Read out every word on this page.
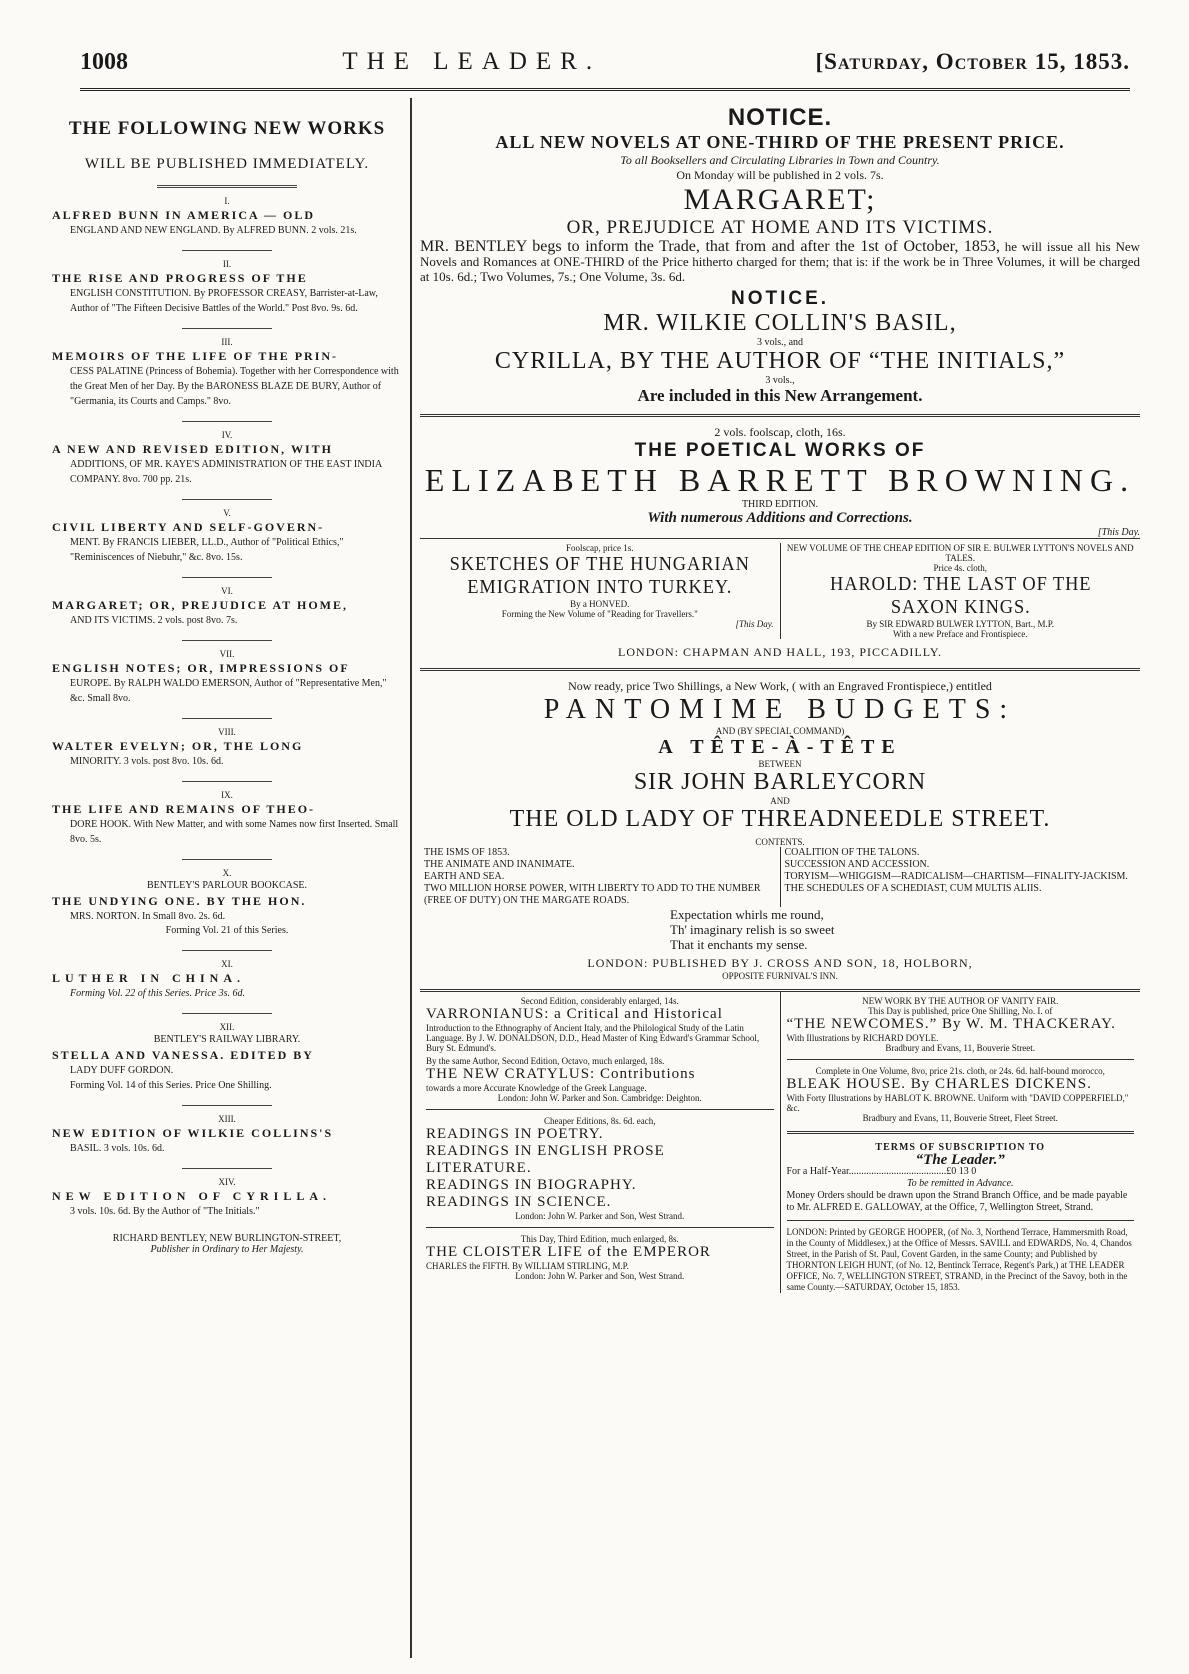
1008	THE LEADER.	[Saturday, October 15, 1853.
THE FOLLOWING NEW WORKS
WILL BE PUBLISHED IMMEDIATELY.
I.
ALFRED BUNN IN AMERICA — OLD
ENGLAND AND NEW ENGLAND. By ALFRED BUNN. 2 vols. 21s.
II.
THE RISE AND PROGRESS OF THE
ENGLISH CONSTITUTION. By PROFESSOR CREASY, Barrister-at-Law, Author of "The Fifteen Decisive Battles of the World." Post 8vo. 9s. 6d.
III.
MEMOIRS OF THE LIFE OF THE PRIN-
CESS PALATINE (Princess of Bohemia). Together with her Correspondence with the Great Men of her Day. By the BARONESS BLAZE DE BURY, Author of "Germania, its Courts and Camps." 8vo.
IV.
A NEW AND REVISED EDITION, WITH
ADDITIONS, OF MR. KAYE'S ADMINISTRATION OF THE EAST INDIA COMPANY. 8vo. 700 pp. 21s.
V.
CIVIL LIBERTY AND SELF-GOVERN-
MENT. By FRANCIS LIEBER, LL.D., Author of "Political Ethics," "Reminiscences of Niebuhr," &c. 8vo. 15s.
VI.
MARGARET; OR, PREJUDICE AT HOME,
AND ITS VICTIMS. 2 vols. post 8vo. 7s.
VII.
ENGLISH NOTES; OR, IMPRESSIONS OF
EUROPE. By RALPH WALDO EMERSON, Author of "Representative Men," &c. Small 8vo.
VIII.
WALTER EVELYN; OR, THE LONG
MINORITY. 3 vols. post 8vo. 10s. 6d.
IX.
THE LIFE AND REMAINS OF THEO-
DORE HOOK. With New Matter, and with some Names now first Inserted. Small 8vo. 5s.
X.
BENTLEY'S PARLOUR BOOKCASE.
THE UNDYING ONE. BY THE HON.
MRS. NORTON. In Small 8vo. 2s. 6d.
Forming Vol. 21 of this Series.
XI.
LUTHER IN CHINA.
Forming Vol. 22 of this Series. Price 3s. 6d.
XII.
BENTLEY'S RAILWAY LIBRARY.
STELLA AND VANESSA. EDITED BY
LADY DUFF GORDON.
Forming Vol. 14 of this Series. Price One Shilling.
XIII.
NEW EDITION OF WILKIE COLLINS'S
BASIL. 3 vols. 10s. 6d.
XIV.
NEW EDITION OF CYRILLA.
3 vols. 10s. 6d. By the Author of "The Initials."
RICHARD BENTLEY, NEW BURLINGTON-STREET,
Publisher in Ordinary to Her Majesty.
NOTICE.
ALL NEW NOVELS AT ONE-THIRD OF THE PRESENT PRICE.
To all Booksellers and Circulating Libraries in Town and Country.
On Monday will be published in 2 vols. 7s.
MARGARET;
OR, PREJUDICE AT HOME AND ITS VICTIMS.
MR. BENTLEY begs to inform the Trade, that from and after the 1st of October, 1853, he will issue all his New Novels and Romances at ONE-THIRD of the Price hitherto charged for them; that is: if the work be in Three Volumes, it will be charged at 10s. 6d.; Two Volumes, 7s.; One Volume, 3s. 6d.
NOTICE.
MR. WILKIE COLLIN'S BASIL,
3 vols., and
CYRILLA, BY THE AUTHOR OF “THE INITIALS,”
3 vols.,
Are included in this New Arrangement.
2 vols. foolscap, cloth, 16s.
THE POETICAL WORKS OF
ELIZABETH BARRETT BROWNING.
THIRD EDITION.
With numerous Additions and Corrections.
[This Day.
Foolscap, price 1s.
SKETCHES OF THE HUNGARIAN EMIGRATION INTO TURKEY.
By a HONVED.
Forming the New Volume of "Reading for Travellers."
[This Day.
NEW VOLUME OF THE CHEAP EDITION OF SIR E. BULWER LYTTON'S NOVELS AND TALES.
Price 4s. cloth,
HAROLD: THE LAST OF THE SAXON KINGS.
By SIR EDWARD BULWER LYTTON, Bart., M.P.
With a new Preface and Frontispiece.
LONDON: CHAPMAN AND HALL, 193, PICCADILLY.
Now ready, price Two Shillings, a New Work, ( with an Engraved Frontispiece,) entitled
PANTOMIME BUDGETS:
AND (BY SPECIAL COMMAND)
A TÊTE-À-TÊTE
BETWEEN
SIR JOHN BARLEYCORN
AND
THE OLD LADY OF THREADNEEDLE STREET.
CONTENTS.
THE ISMS OF 1853.
THE ANIMATE AND INANIMATE.
EARTH AND SEA.
TWO MILLION HORSE POWER, WITH LIBERTY TO ADD TO THE NUMBER (FREE OF DUTY) ON THE MARGATE ROADS.
COALITION OF THE TALONS.
SUCCESSION AND ACCESSION.
TORYISM—WHIGGISM—RADICALISM—CHARTISM—FINALITY-JACKISM.
THE SCHEDULES OF A SCHEDIAST, CUM MULTIS ALIIS.
Expectation whirls me round,
Th' imaginary relish is so sweet
That it enchants my sense.
LONDON: PUBLISHED BY J. CROSS AND SON, 18, HOLBORN,
OPPOSITE FURNIVAL'S INN.
Second Edition, considerably enlarged, 14s.
VARRONIANUS: a Critical and Historical
Introduction to the Ethnography of Ancient Italy, and the Philological Study of the Latin Language. By J. W. DONALDSON, D.D., Head Master of King Edward's Grammar School, Bury St. Edmund's.
By the same Author, Second Edition, Octavo, much enlarged, 18s.
THE NEW CRATYLUS: Contributions
towards a more Accurate Knowledge of the Greek Language.
London: John W. Parker and Son. Cambridge: Deighton.
Cheaper Editions, 8s. 6d. each,
READINGS IN POETRY.
READINGS IN ENGLISH PROSE LITERATURE.
READINGS IN BIOGRAPHY.
READINGS IN SCIENCE.
London: John W. Parker and Son, West Strand.
This Day, Third Edition, much enlarged, 8s.
THE CLOISTER LIFE of the EMPEROR
CHARLES the FIFTH. By WILLIAM STIRLING, M.P.
London: John W. Parker and Son, West Strand.
NEW WORK BY THE AUTHOR OF VANITY FAIR.
This Day is published, price One Shilling, No. I. of
“THE NEWCOMES.” By W. M. THACKERAY.
With Illustrations by RICHARD DOYLE.
Bradbury and Evans, 11, Bouverie Street.
Complete in One Volume, 8vo, price 21s. cloth, or 24s. 6d. half-bound morocco,
BLEAK HOUSE. By CHARLES DICKENS.
With Forty Illustrations by HABLOT K. BROWNE. Uniform with "DAVID COPPERFIELD," &c.
Bradbury and Evans, 11, Bouverie Street, Fleet Street.
TERMS OF SUBSCRIPTION TO
“The Leader.”
For a Half-Year.......................................£0 13 0
To be remitted in Advance.
Money Orders should be drawn upon the Strand Branch Office, and be made payable to Mr. ALFRED E. GALLOWAY, at the Office, 7, Wellington Street, Strand.
LONDON: Printed by GEORGE HOOPER, (of No. 3, Northend Terrace, Hammersmith Road, in the County of Middlesex,) at the Office of Messrs. SAVILL and EDWARDS, No. 4, Chandos Street, in the Parish of St. Paul, Covent Garden, in the same County; and Published by THORNTON LEIGH HUNT, (of No. 12, Bentinck Terrace, Regent's Park,) at THE LEADER OFFICE, No. 7, WELLINGTON STREET, STRAND, in the Precinct of the Savoy, both in the same County.—SATURDAY, October 15, 1853.
